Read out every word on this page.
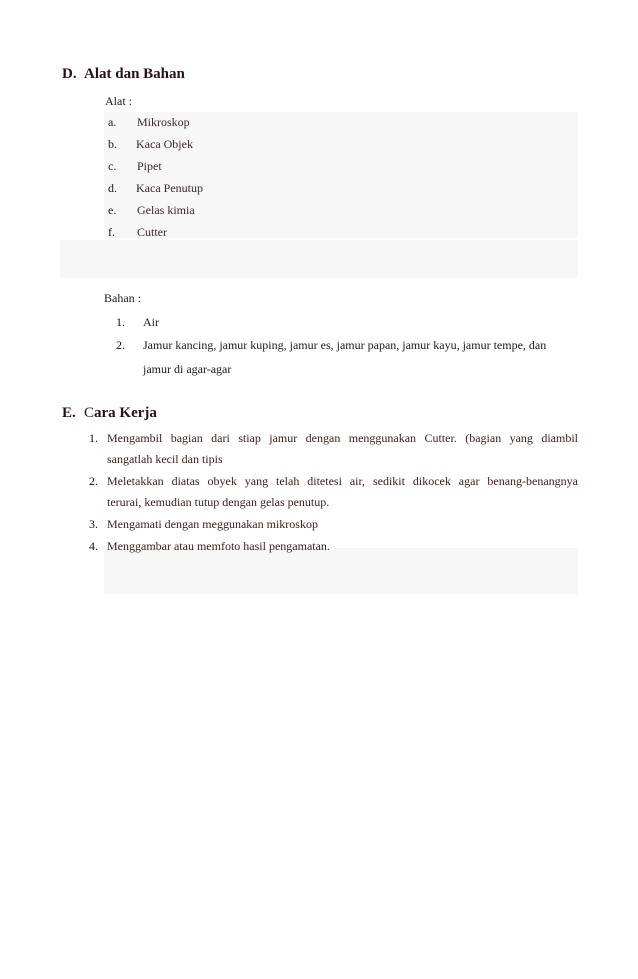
D. Alat dan Bahan
Alat :
a. Mikroskop
b. Kaca Objek
c. Pipet
d. Kaca Penutup
e. Gelas kimia
f. Cutter
Bahan :
1. Air
2. Jamur kancing, jamur kuping, jamur es, jamur papan, jamur kayu, jamur tempe, dan
jamur di agar-agar
E. Cara Kerja
1. Mengambil bagian dari stiap jamur dengan menggunakan Cutter. (bagian yang diambil
sangatlah kecil dan tipis
2. Meletakkan diatas obyek yang telah ditetesi air, sedikit dikocek agar benang-benangnya
terurai, kemudian tutup dengan gelas penutup.
3. Mengamati dengan meggunakan mikroskop
4. Menggambar atau memfoto hasil pengamatan.
